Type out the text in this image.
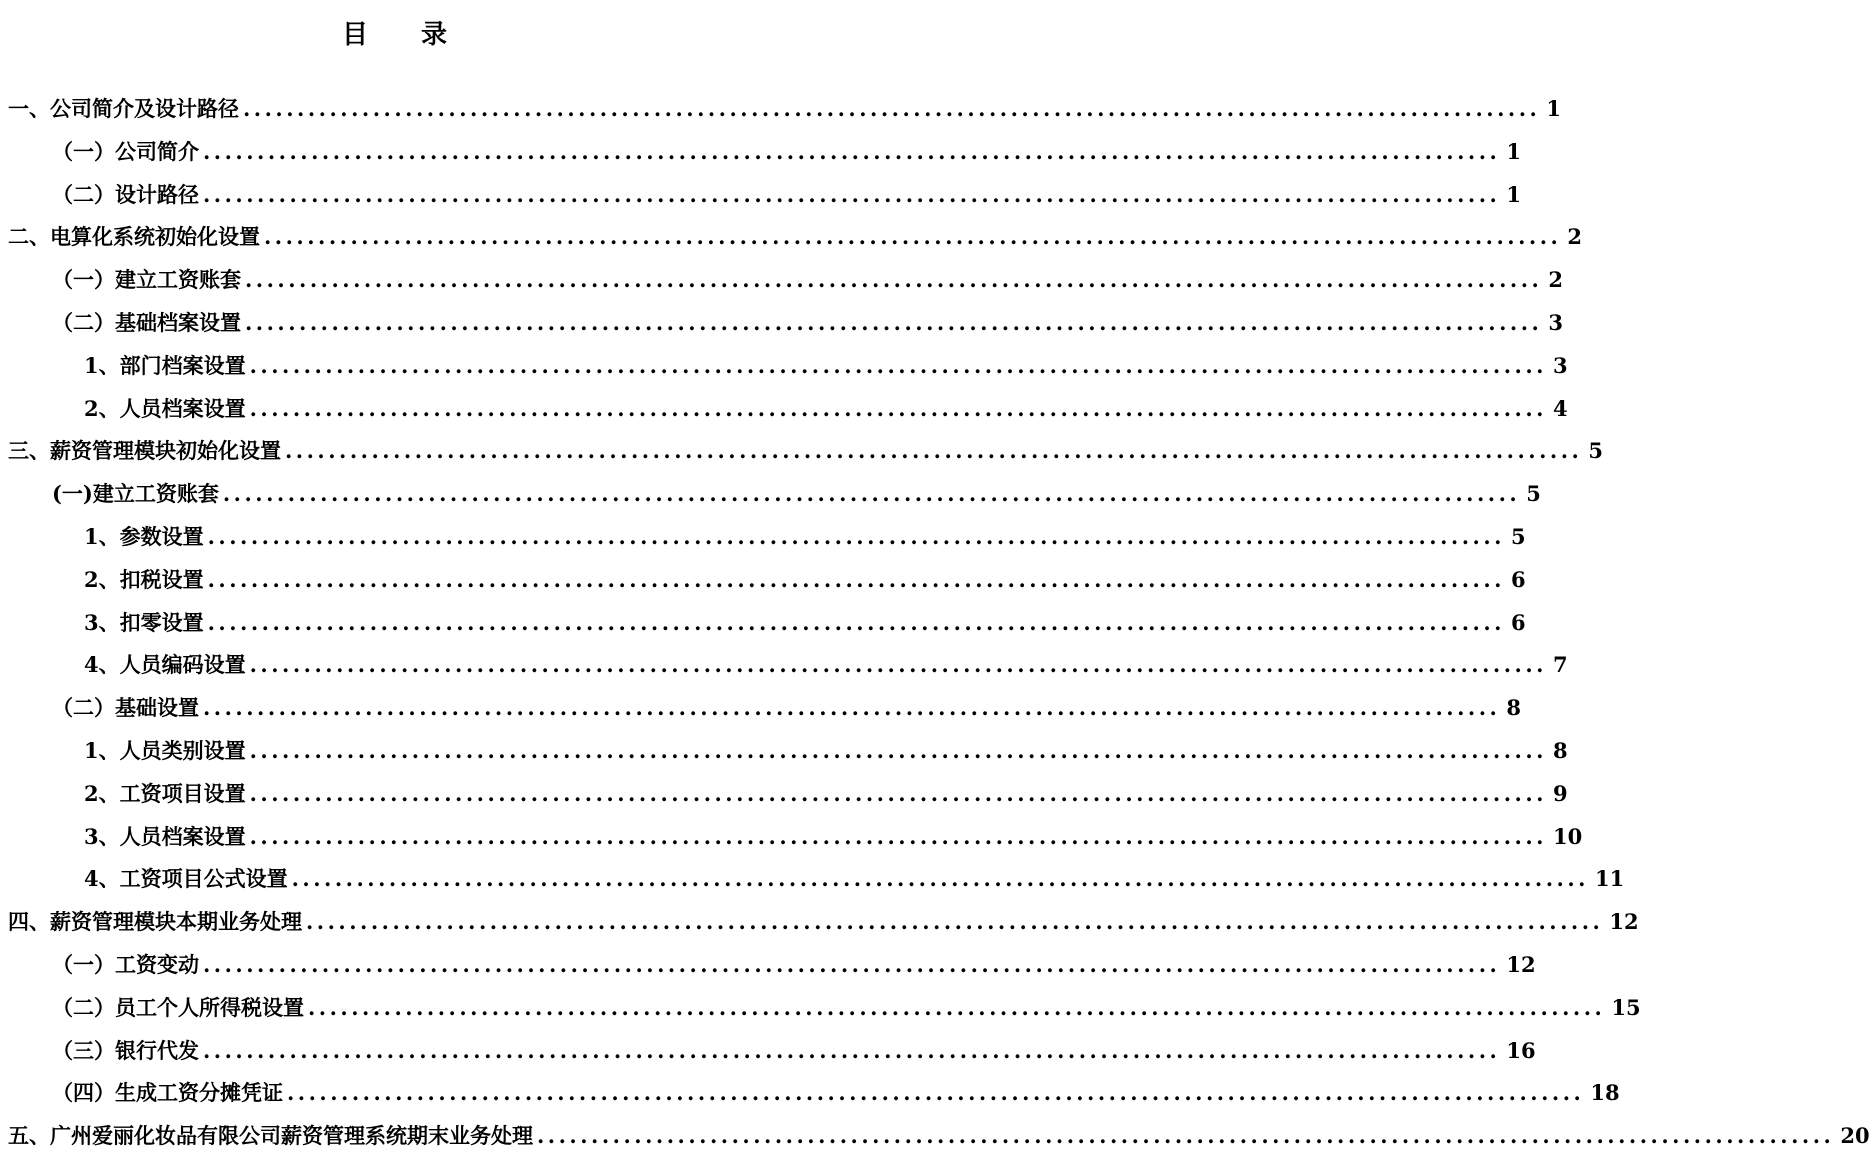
目 录
一、公司简介及设计路径 ........................................................................................................................ 1
（一）公司简介 ........................................................................................................................ 1
（二）设计路径 ........................................................................................................................ 1
二、电算化系统初始化设置 ........................................................................................................................ 2
（一）建立工资账套 ........................................................................................................................ 2
（二）基础档案设置 ........................................................................................................................ 3
1、部门档案设置 ........................................................................................................................ 3
2、人员档案设置 ........................................................................................................................ 4
三、薪资管理模块初始化设置 ........................................................................................................................ 5
(一)建立工资账套 ........................................................................................................................ 5
1、参数设置 ........................................................................................................................ 5
2、扣税设置 ........................................................................................................................ 6
3、扣零设置 ........................................................................................................................ 6
4、人员编码设置 ........................................................................................................................ 7
（二）基础设置 ........................................................................................................................ 8
1、人员类别设置 ........................................................................................................................ 8
2、工资项目设置 ........................................................................................................................ 9
3、人员档案设置 ........................................................................................................................ 10
4、工资项目公式设置 ........................................................................................................................ 11
四、薪资管理模块本期业务处理 ........................................................................................................................ 12
（一）工资变动 ........................................................................................................................ 12
（二）员工个人所得税设置 ........................................................................................................................ 15
（三）银行代发 ........................................................................................................................ 16
（四）生成工资分摊凭证 ........................................................................................................................ 18
五、广州爱丽化妆品有限公司薪资管理系统期末业务处理 ........................................................................................................................ 20
